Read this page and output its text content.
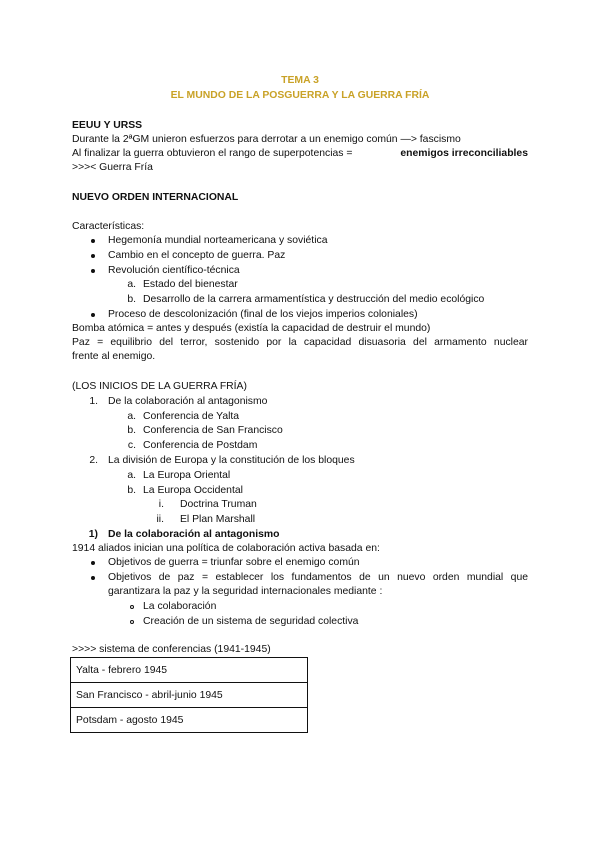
TEMA 3
EL MUNDO DE LA POSGUERRA Y LA GUERRA FRÍA
EEUU Y URSS
Durante la 2ªGM unieron esfuerzos para derrotar a un enemigo común —> fascismo
Al finalizar la guerra obtuvieron el rango de superpotencias =	enemigos irreconciliables
>>>< Guerra Fría
NUEVO ORDEN INTERNACIONAL
Características:
Hegemonía mundial norteamericana y soviética
Cambio en el concepto de guerra. Paz
Revolución científico-técnica
a. Estado del bienestar
b. Desarrollo de la carrera armamentística y destrucción del medio ecológico
Proceso de descolonización (final de los viejos imperios coloniales)
Bomba atómica = antes y después (existía la capacidad de destruir el mundo)
Paz = equilibrio del terror, sostenido por la capacidad disuasoria del armamento nuclear
frente al enemigo.
(LOS INICIOS DE LA GUERRA FRÍA)
1. De la colaboración al antagonismo
a. Conferencia de Yalta
b. Conferencia de San Francisco
c. Conferencia de Postdam
2. La división de Europa y la constitución de los bloques
a. La Europa Oriental
b. La Europa Occidental
i. Doctrina Truman
ii. El Plan Marshall
1) De la colaboración al antagonismo
1914 aliados inician una política de colaboración activa basada en:
Objetivos de guerra = triunfar sobre el enemigo común
Objetivos de paz = establecer los fundamentos de un nuevo orden mundial que
garantizara la paz y la seguridad internacionales mediante :
La colaboración
Creación de un sistema de seguridad colectiva
>>>> sistema de conferencias (1941-1945)
Yalta - febrero 1945
San Francisco - abril-junio 1945
Potsdam - agosto 1945
